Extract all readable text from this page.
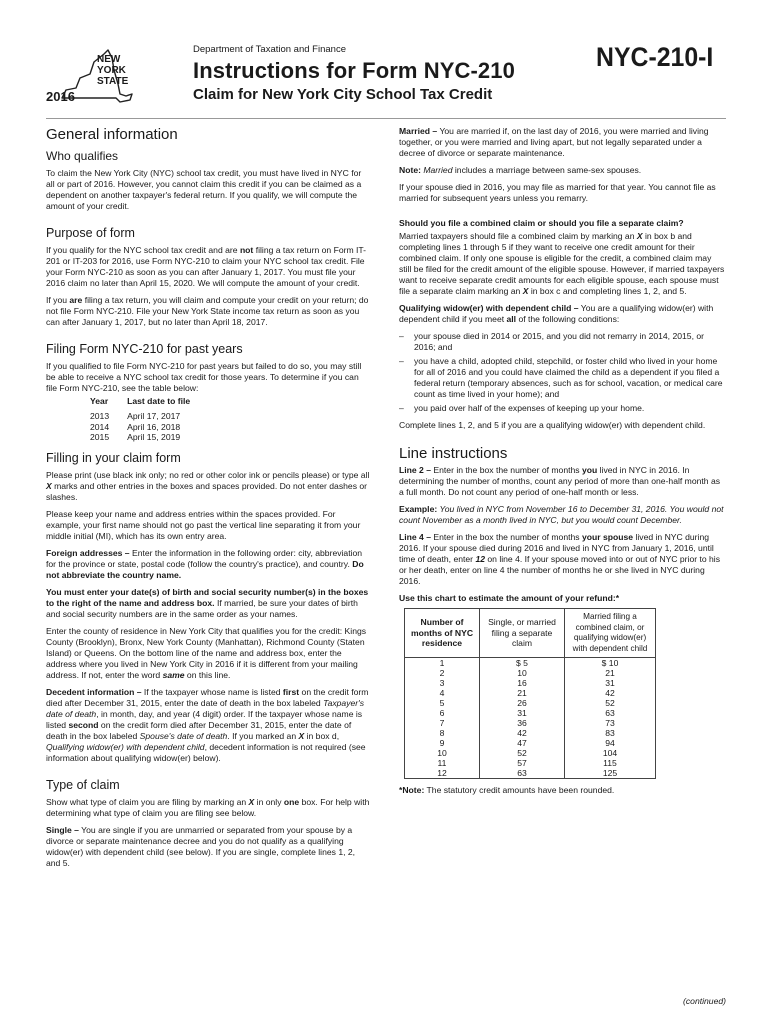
NEW
YORK
STATE
2016
Department of Taxation and Finance
Instructions for Form NYC-210
Claim for New York City School Tax Credit
NYC-210-I
General information
Who qualifies

To claim the New York City (NYC) school tax credit, you must have lived in NYC for all or part of 2016. However, you cannot claim this credit if you can be claimed as a dependent on another taxpayer's federal return. If you qualify, we will compute the amount of your credit.

Purpose of form

If you qualify for the NYC school tax credit and are not filing a tax return on Form IT-201 or IT-203 for 2016, use Form NYC-210 to claim your NYC school tax credit. File your Form NYC-210 as soon as you can after January 1, 2017. You must file your 2016 claim no later than April 15, 2020. We will compute the amount of your credit.

If you are filing a tax return, you will claim and compute your credit on your return; do not file Form NYC-210. File your New York State income tax return as soon as you can after January 1, 2017, but no later than April 18, 2017.

Filing Form NYC-210 for past years

If you qualified to file Form NYC-210 for past years but failed to do so, you may still be able to receive a NYC school tax credit for those years. To determine if you can file Form NYC-210, see the table below:

Year	Last date to file
2013	April 17, 2017
2014	April 16, 2018
2015	April 15, 2019
Filling in your claim form

Please print (use black ink only; no red or other color ink or pencils please) or type all X marks and other entries in the boxes and spaces provided. Do not enter dashes or slashes.

Please keep your name and address entries within the spaces provided. For example, your first name should not go past the vertical line separating it from your middle initial (MI), which has its own entry area.

Foreign addresses – Enter the information in the following order: city, abbreviation for the province or state, postal code (follow the country's practice), and country. Do not abbreviate the country name.

You must enter your date(s) of birth and social security number(s) in the boxes to the right of the name and address box. If married, be sure your dates of birth and social security numbers are in the same order as your names.

Enter the county of residence in New York City that qualifies you for the credit: Kings County (Brooklyn), Bronx, New York County (Manhattan), Richmond County (Staten Island) or Queens. On the bottom line of the name and address box, enter the address where you lived in New York City in 2016 if it is different from your mailing address. If not, enter the word same on this line.

Decedent information – If the taxpayer whose name is listed first on the credit form died after December 31, 2015, enter the date of death in the box labeled Taxpayer's date of death, in month, day, and year (4 digit) order. If the taxpayer whose name is listed second on the credit form died after December 31, 2015, enter the date of death in the box labeled Spouse's date of death. If you marked an X in box d, Qualifying widow(er) with dependent child, decedent information is not required (see information about qualifying widow(er) below).

Type of claim

Show what type of claim you are filing by marking an X in only one box. For help with determining what type of claim you are filing see below.

Single – You are single if you are unmarried or separated from your spouse by a divorce or separate maintenance decree and you do not qualify as a qualifying widow(er) with dependent child (see below). If you are single, complete lines 1, 2, and 5.

Married – You are married if, on the last day of 2016, you were married and living together, or you were married and living apart, but not legally separated under a decree of divorce or separate maintenance.

Note: Married includes a marriage between same-sex spouses.

If your spouse died in 2016, you may file as married for that year. You cannot file as married for subsequent years unless you remarry.

Should you file a combined claim or should you file a separate claim?

Married taxpayers should file a combined claim by marking an X in box b and completing lines 1 through 5 if they want to receive one credit amount for their combined claim. If only one spouse is eligible for the credit, a combined claim may still be filed for the credit amount of the eligible spouse. However, if married taxpayers want to receive separate credit amounts for each eligible spouse, each spouse must file a separate claim marking an X in box c and completing lines 1, 2, and 5.

Qualifying widow(er) with dependent child – You are a qualifying widow(er) with dependent child if you meet all of the following conditions:

– your spouse died in 2014 or 2015, and you did not remarry in 2014, 2015, or 2016; and
– you have a child, adopted child, stepchild, or foster child who lived in your home for all of 2016 and you could have claimed the child as a dependent if you filed a federal return (temporary absences, such as for school, vacation, or medical care count as time lived in your home); and
– you paid over half of the expenses of keeping up your home.

Complete lines 1, 2, and 5 if you are a qualifying widow(er) with dependent child.

Line instructions

Line 2 – Enter in the box the number of months you lived in NYC in 2016. In determining the number of months, count any period of more than one-half month as a full month. Do not count any period of one-half month or less.

Example: You lived in NYC from November 16 to December 31, 2016. You would not count November as a month lived in NYC, but you would count December.

Line 4 – Enter in the box the number of months your spouse lived in NYC during 2016. If your spouse died during 2016 and lived in NYC from January 1, 2016, until time of death, enter 12 on line 4. If your spouse moved into or out of NYC prior to his or her death, enter on line 4 the number of months he or she lived in NYC during 2016.

Use this chart to estimate the amount of your refund:*

Number of months of NYC residence	Single, or married filing a separate claim	Married filing a combined claim, or qualifying widow(er) with dependent child
1	$ 5	$ 10
2	10	21
3	16	31
4	21	42
5	26	52
6	31	63
7	36	73
8	42	83
9	47	94
10	52	104
11	57	115
12	63	125

*Note: The statutory credit amounts have been rounded.

(continued)
